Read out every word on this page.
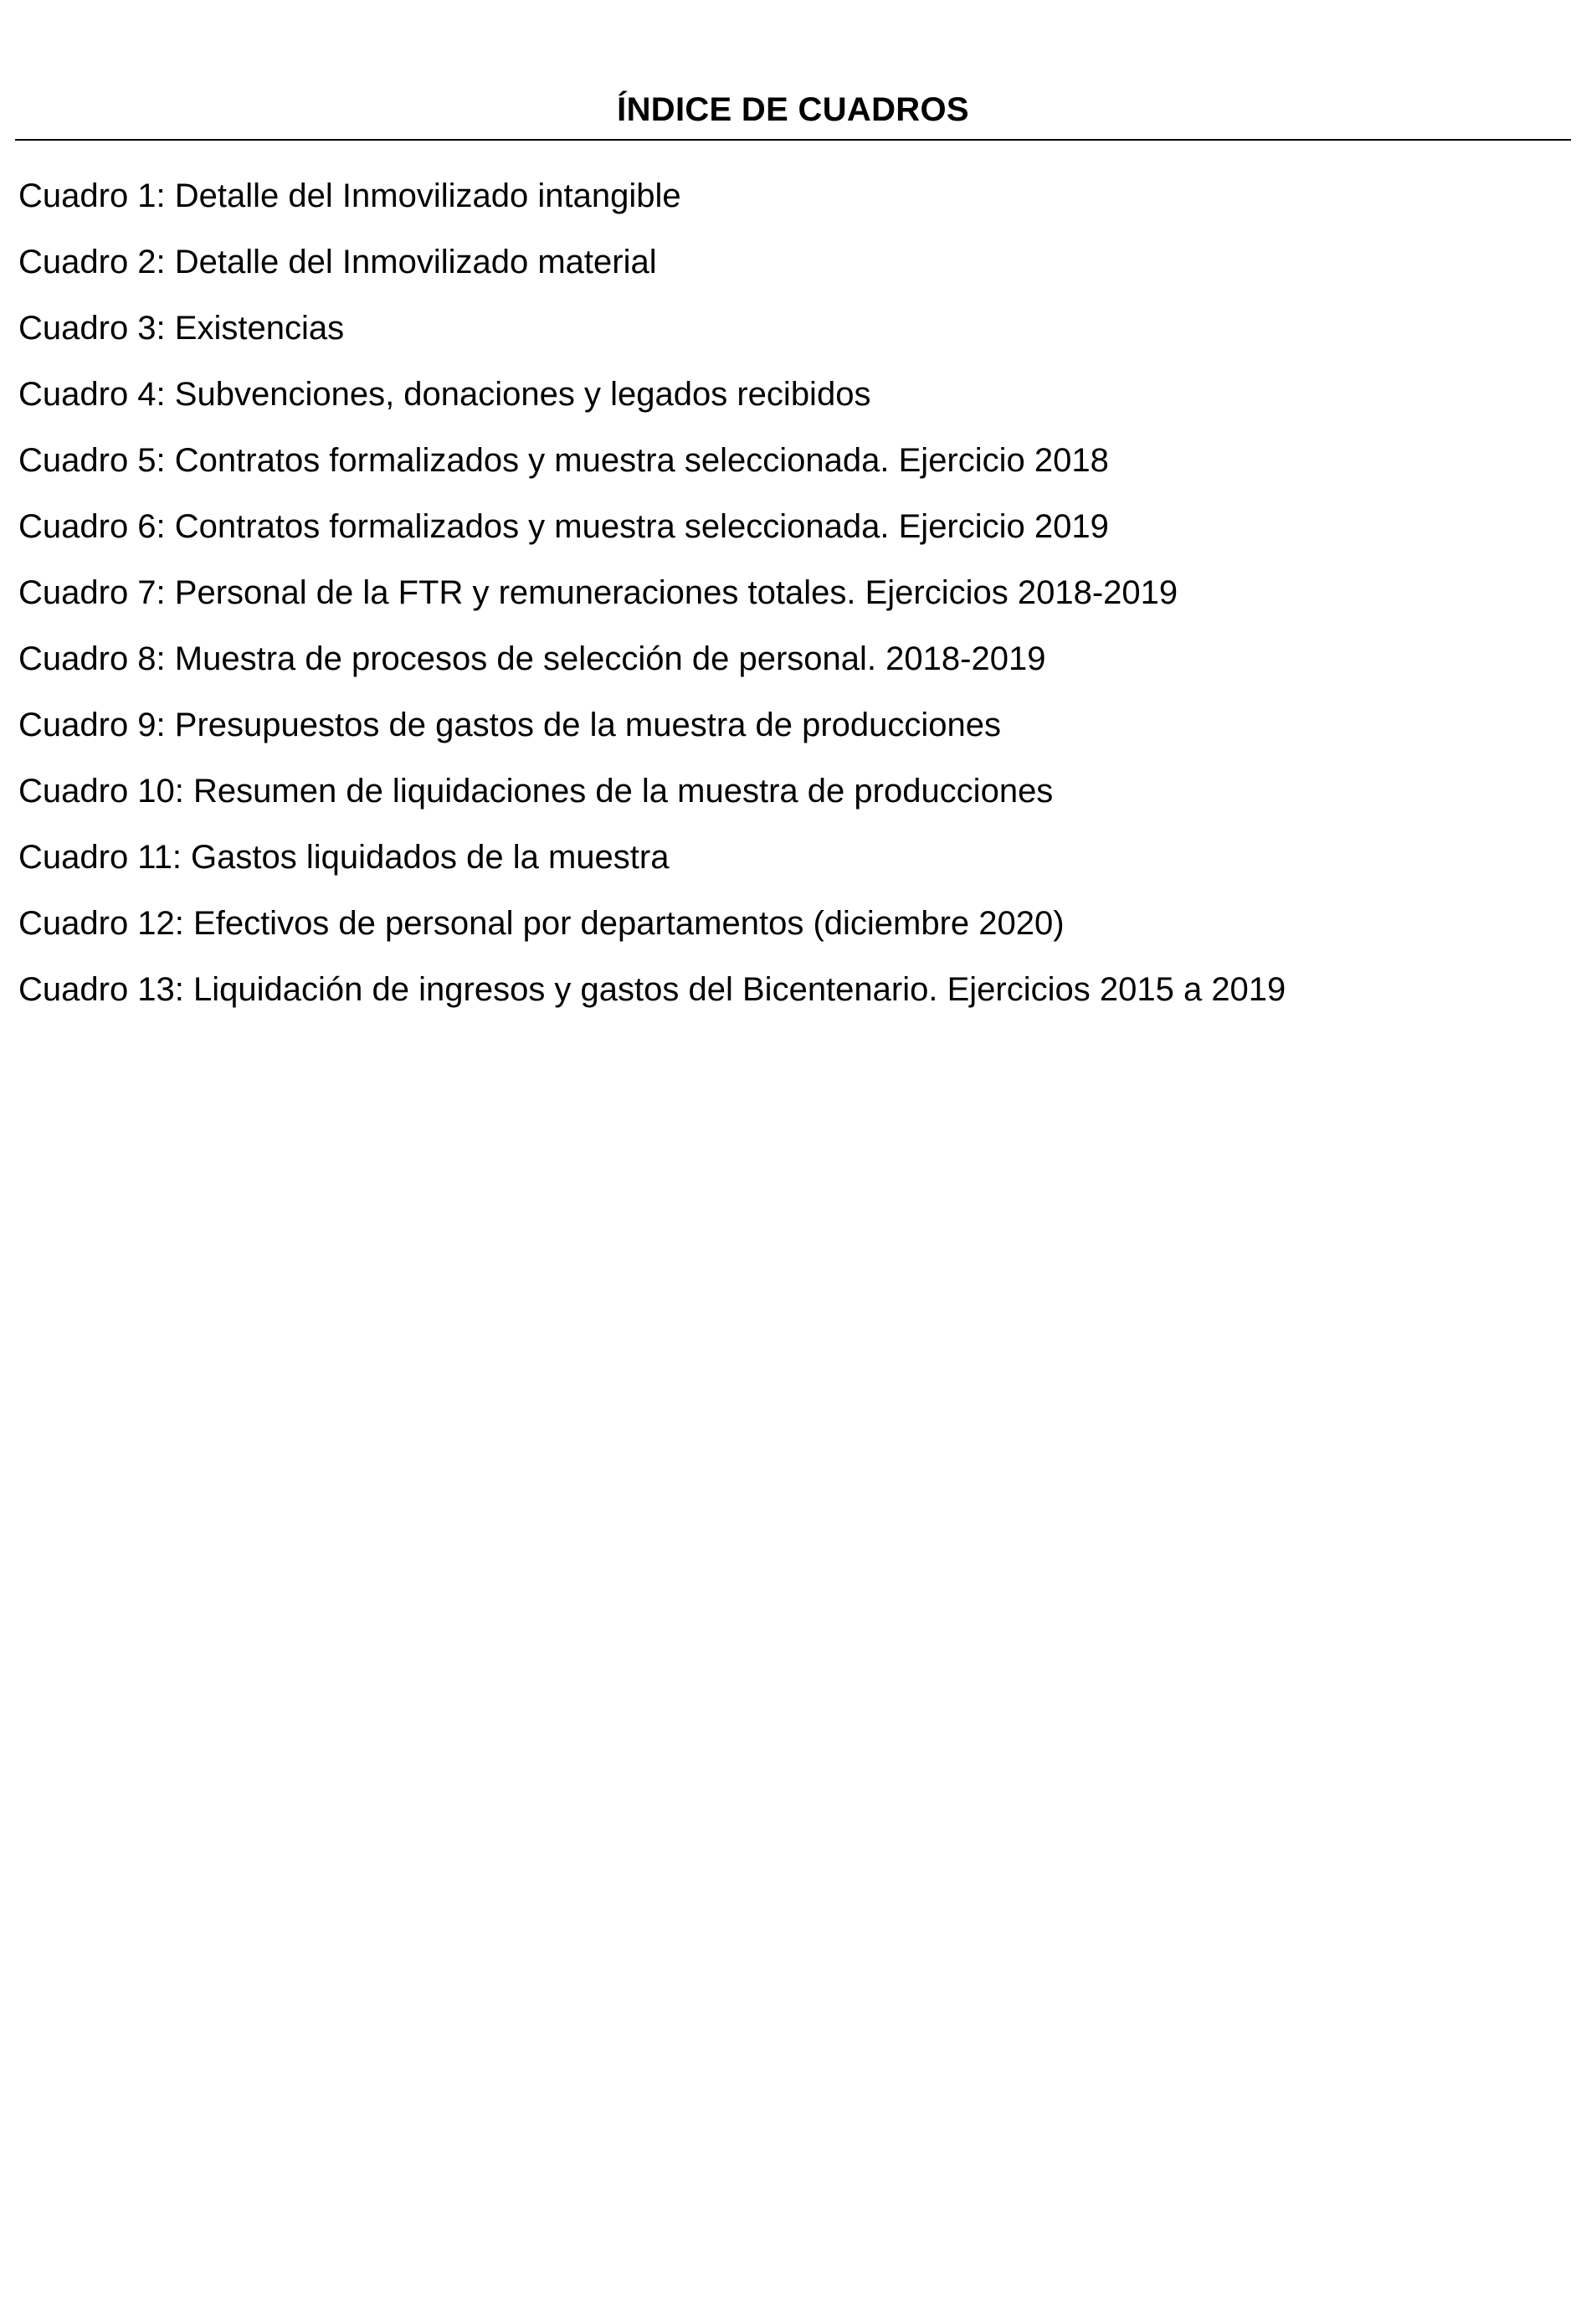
ÍNDICE DE CUADROS
Cuadro 1: Detalle del Inmovilizado intangible
Cuadro 2: Detalle del Inmovilizado material
Cuadro 3: Existencias
Cuadro 4: Subvenciones, donaciones y legados recibidos
Cuadro 5: Contratos formalizados y muestra seleccionada. Ejercicio 2018
Cuadro 6: Contratos formalizados y muestra seleccionada. Ejercicio 2019
Cuadro 7: Personal de la FTR y remuneraciones totales. Ejercicios 2018-2019
Cuadro 8: Muestra de procesos de selección de personal. 2018-2019
Cuadro 9: Presupuestos de gastos de la muestra de producciones
Cuadro 10: Resumen de liquidaciones de la muestra de producciones
Cuadro 11: Gastos liquidados de la muestra
Cuadro 12: Efectivos de personal por departamentos (diciembre 2020)
Cuadro 13: Liquidación de ingresos y gastos del Bicentenario. Ejercicios 2015 a 2019
